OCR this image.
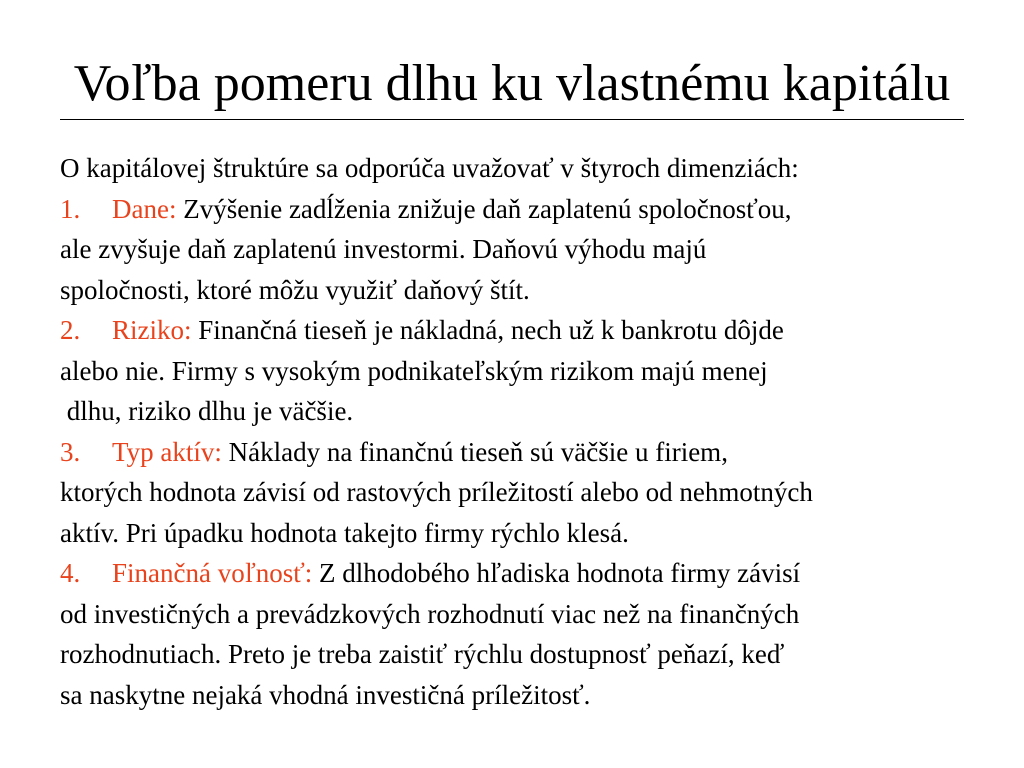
Voľba pomeru dlhu ku vlastnému kapitálu
O kapitálovej štruktúre sa odporúča uvažovať v štyroch dimenziách:
1. Dane: Zvýšenie zadĺženia znižuje daň zaplatenú spoločnosťou,
ale zvyšuje daň zaplatenú investormi. Daňovú výhodu majú
spoločnosti, ktoré môžu využiť daňový štít.
2. Riziko: Finančná tieseň je nákladná, nech už k bankrotu dôjde
alebo nie. Firmy s vysokým podnikateľským rizikom majú menej
dlhu, riziko dlhu je väčšie.
3. Typ aktív: Náklady na finančnú tieseň sú väčšie u firiem,
ktorých hodnota závisí od rastových príležitostí alebo od nehmotných
aktív. Pri úpadku hodnota takejto firmy rýchlo klesá.
4. Finančná voľnosť: Z dlhodobého hľadiska hodnota firmy závisí
od investičných a prevádzkových rozhodnutí viac než na finančných
rozhodnutiach. Preto je treba zaistiť rýchlu dostupnosť peňazí, keď
sa naskytne nejaká vhodná investičná príležitosť.
